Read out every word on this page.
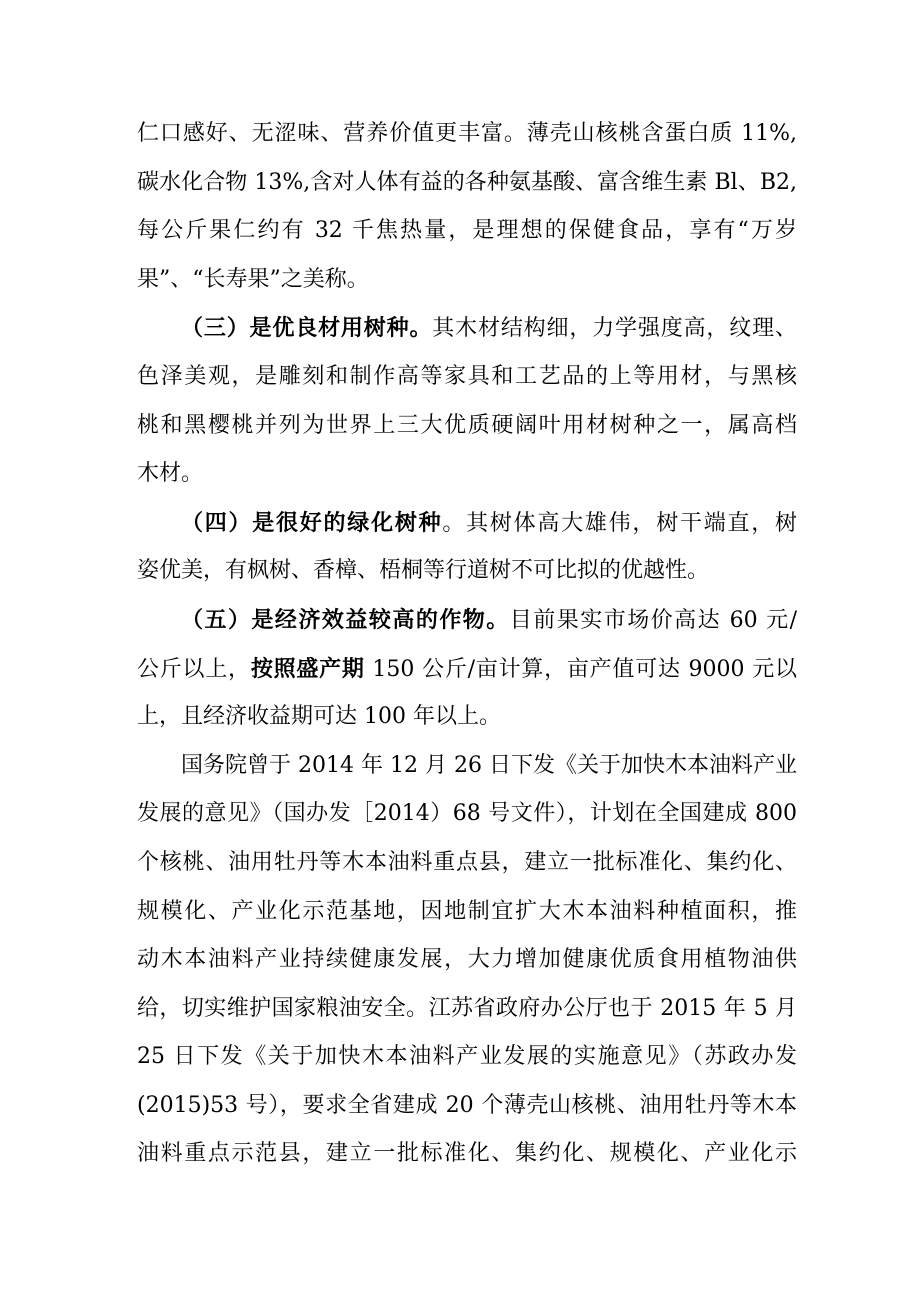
仁口感好、无涩味、营养价值更丰富。薄壳山核桃含蛋白质 11%,
碳水化合物 13%,含对人体有益的各种氨基酸、富含维生素 Bl、B2,
每公斤果仁约有 32 千焦热量，是理想的保健食品，享有“万岁
果”、“长寿果”之美称。
（三）是优良材用树种。其木材结构细，力学强度高，纹理、
色泽美观，是雕刻和制作高等家具和工艺品的上等用材，与黑核
桃和黑樱桃并列为世界上三大优质硬阔叶用材树种之一，属高档
木材。
（四）是很好的绿化树种。其树体高大雄伟，树干端直，树
姿优美，有枫树、香樟、梧桐等行道树不可比拟的优越性。
（五）是经济效益较高的作物。目前果实市场价高达 60 元/
公斤以上，按照盛产期 150 公斤/亩计算，亩产值可达 9000 元以
上，且经济收益期可达 100 年以上。
国务院曾于 2014 年 12 月 26 日下发《关于加快木本油料产业
发展的意见》（国办发［2014）68 号文件），计划在全国建成 800
个核桃、油用牡丹等木本油料重点县，建立一批标准化、集约化、
规模化、产业化示范基地，因地制宜扩大木本油料种植面积，推
动木本油料产业持续健康发展，大力增加健康优质食用植物油供
给，切实维护国家粮油安全。江苏省政府办公厅也于 2015 年 5 月
25 日下发《关于加快木本油料产业发展的实施意见》（苏政办发
(2015)53 号），要求全省建成 20 个薄壳山核桃、油用牡丹等木本
油料重点示范县，建立一批标准化、集约化、规模化、产业化示
